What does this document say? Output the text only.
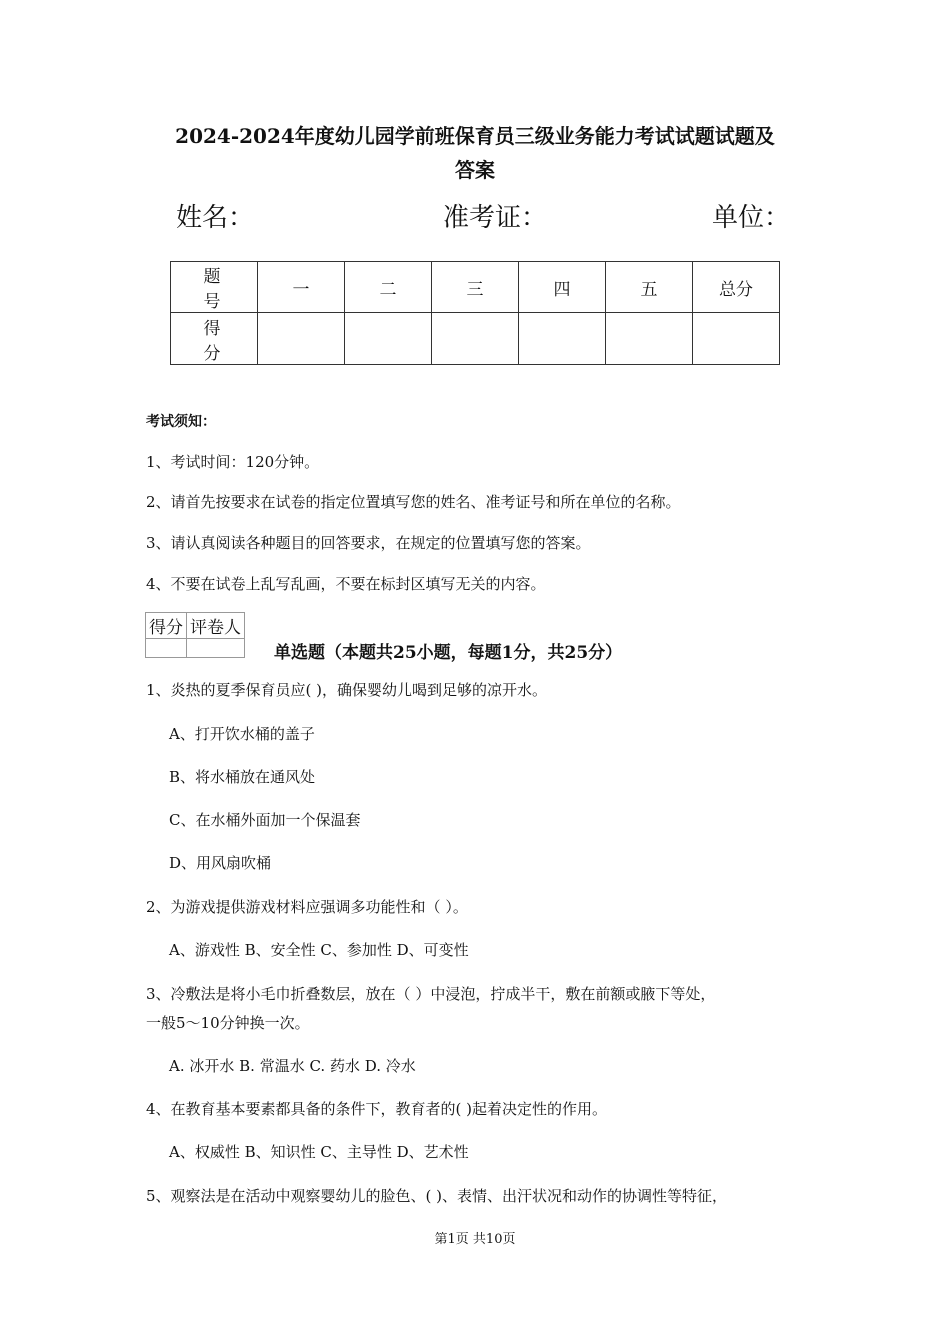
2024-2024年度幼儿园学前班保育员三级业务能力考试试题试题及
答案
姓名：	准考证：	单位：
题 号	一	二	三	四	五	总分
得 分						
考试须知：
1、考试时间：120分钟。
2、请首先按要求在试卷的指定位置填写您的姓名、准考证号和所在单位的名称。
3、请认真阅读各种题目的回答要求，在规定的位置填写您的答案。
4、不要在试卷上乱写乱画，不要在标封区填写无关的内容。
得分	评卷人

单选题（本题共25小题，每题1分，共25分）
1、炎热的夏季保育员应( )，确保婴幼儿喝到足够的凉开水。
A、打开饮水桶的盖子
B、将水桶放在通风处
C、在水桶外面加一个保温套
D、用风扇吹桶
2、为游戏提供游戏材料应强调多功能性和（ ）。
A、游戏性 B、安全性 C、参加性 D、可变性
3、冷敷法是将小毛巾折叠数层，放在（ ）中浸泡，拧成半干，敷在前额或腋下等处，
一般5～10分钟换一次。
A. 冰开水 B. 常温水 C. 药水 D. 冷水
4、在教育基本要素都具备的条件下，教育者的( )起着决定性的作用。
A、权威性 B、知识性 C、主导性 D、艺术性
5、观察法是在活动中观察婴幼儿的脸色、( )、表情、出汗状况和动作的协调性等特征，
第1页 共10页
